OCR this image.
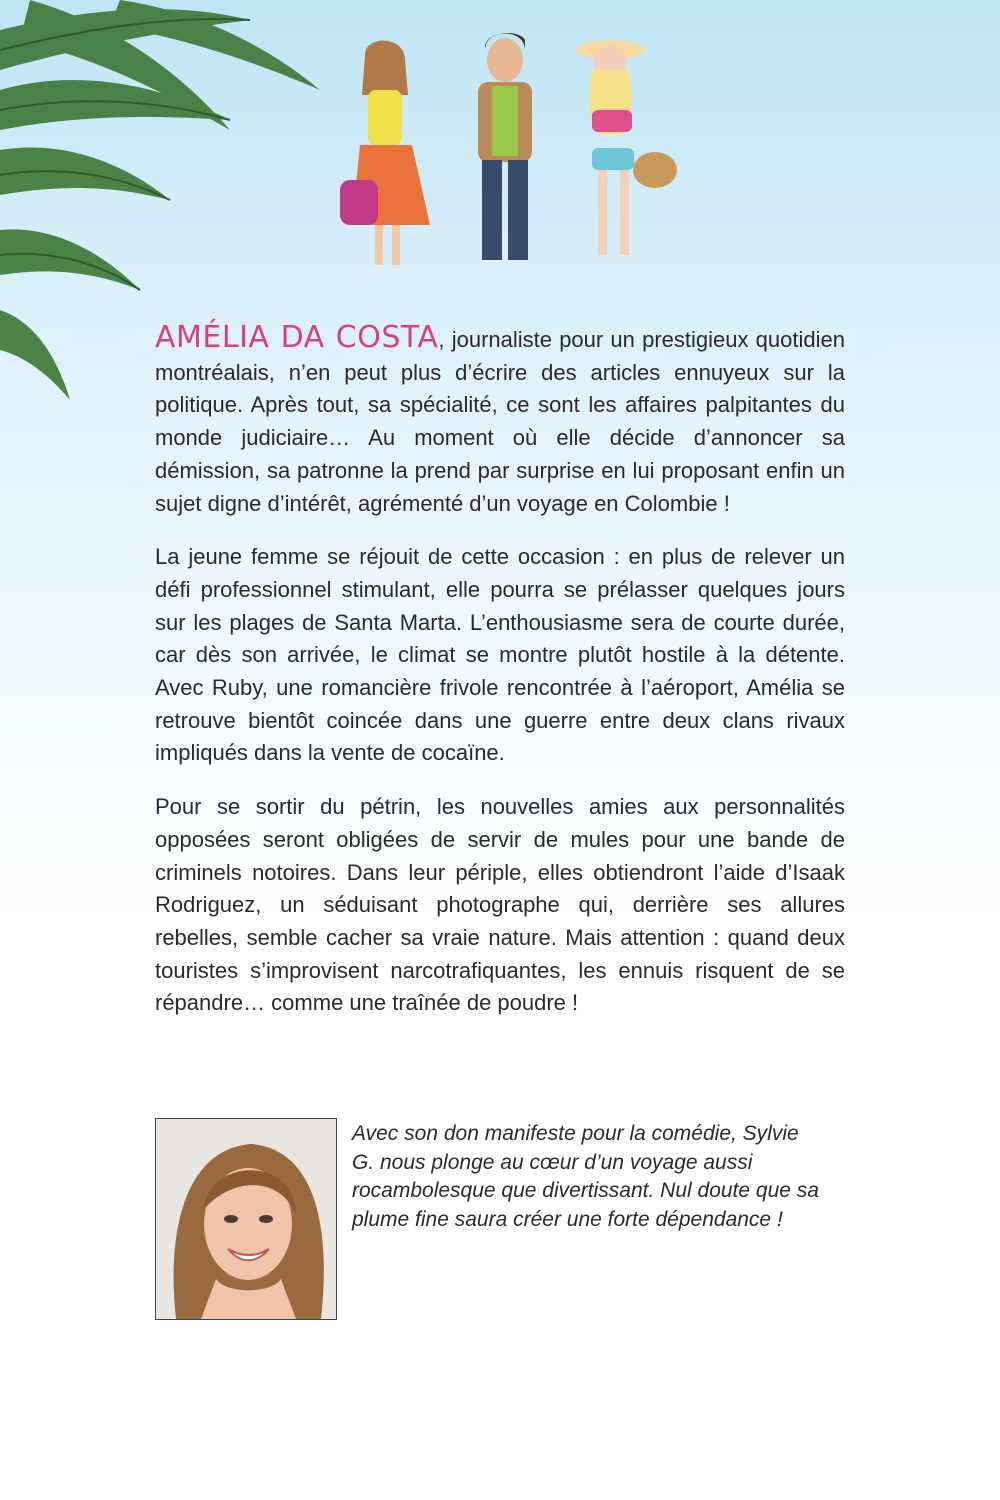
AMÉLIA DA COSTA, journaliste pour un prestigieux quotidien montréalais, n’en peut plus d’écrire des articles ennuyeux sur la politique. Après tout, sa spécialité, ce sont les affaires palpitantes du monde judiciaire… Au moment où elle décide d’annoncer sa démission, sa patronne la prend par surprise en lui proposant enfin un sujet digne d’intérêt, agrémenté d’un voyage en Colombie !

La jeune femme se réjouit de cette occasion : en plus de relever un défi professionnel stimulant, elle pourra se prélasser quelques jours sur les plages de Santa Marta. L’enthousiasme sera de courte durée, car dès son arrivée, le climat se montre plutôt hostile à la détente. Avec Ruby, une romancière frivole rencontrée à l’aéroport, Amélia se retrouve bientôt coincée dans une guerre entre deux clans rivaux impliqués dans la vente de cocaïne.

Pour se sortir du pétrin, les nouvelles amies aux personnalités opposées seront obligées de servir de mules pour une bande de criminels notoires. Dans leur périple, elles obtiendront l’aide d’Isaak Rodriguez, un séduisant photographe qui, derrière ses allures rebelles, semble cacher sa vraie nature. Mais attention : quand deux touristes s’improvisent narcotrafiquantes, les ennuis risquent de se répandre… comme une traînée de poudre !

Avec son don manifeste pour la comédie, Sylvie G. nous plonge au cœur d’un voyage aussi rocambolesque que divertissant. Nul doute que sa plume fine saura créer une forte dépendance !
